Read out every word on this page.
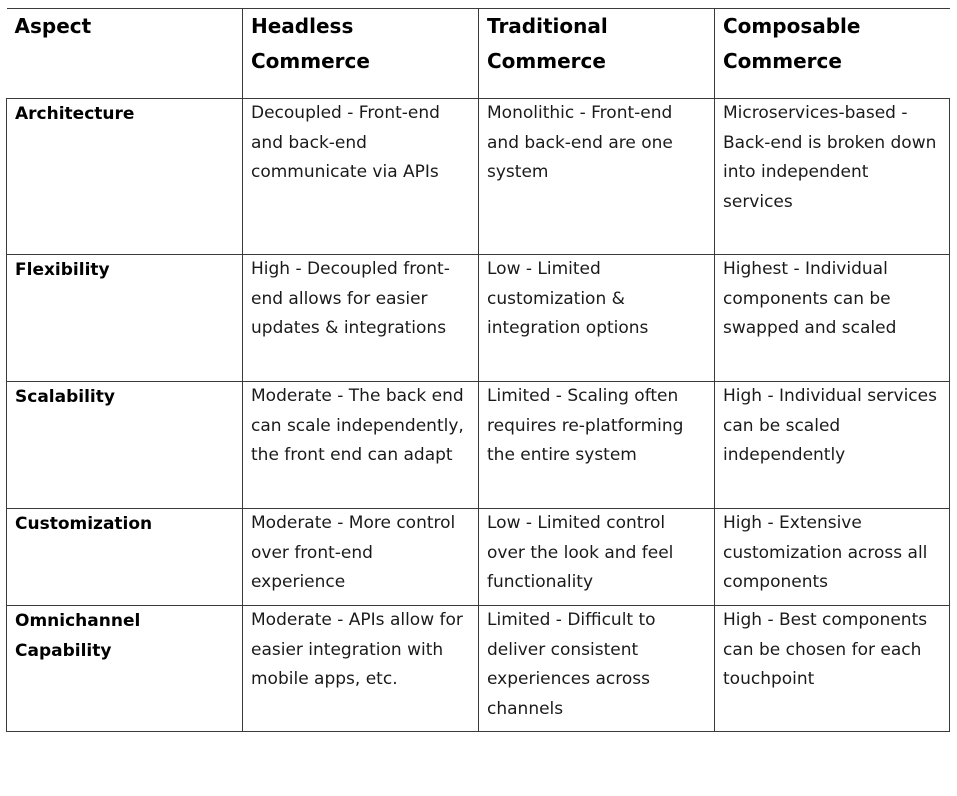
Aspect	Headless Commerce	Traditional Commerce	Composable Commerce
Architecture	Decoupled - Front-end and back-end communicate via APIs	Monolithic - Front-end and back-end are one system	Microservices-based - Back-end is broken down into independent services
Flexibility	High - Decoupled front-end allows for easier updates & integrations	Low - Limited customization & integration options	Highest - Individual components can be swapped and scaled
Scalability	Moderate - The back end can scale independently, the front end can adapt	Limited - Scaling often requires re-platforming the entire system	High - Individual services can be scaled independently
Customization	Moderate - More control over front-end experience	Low - Limited control over the look and feel functionality	High - Extensive customization across all components
Omnichannel Capability	Moderate - APIs allow for easier integration with mobile apps, etc.	Limited - Difficult to deliver consistent experiences across channels	High - Best components can be chosen for each touchpoint
